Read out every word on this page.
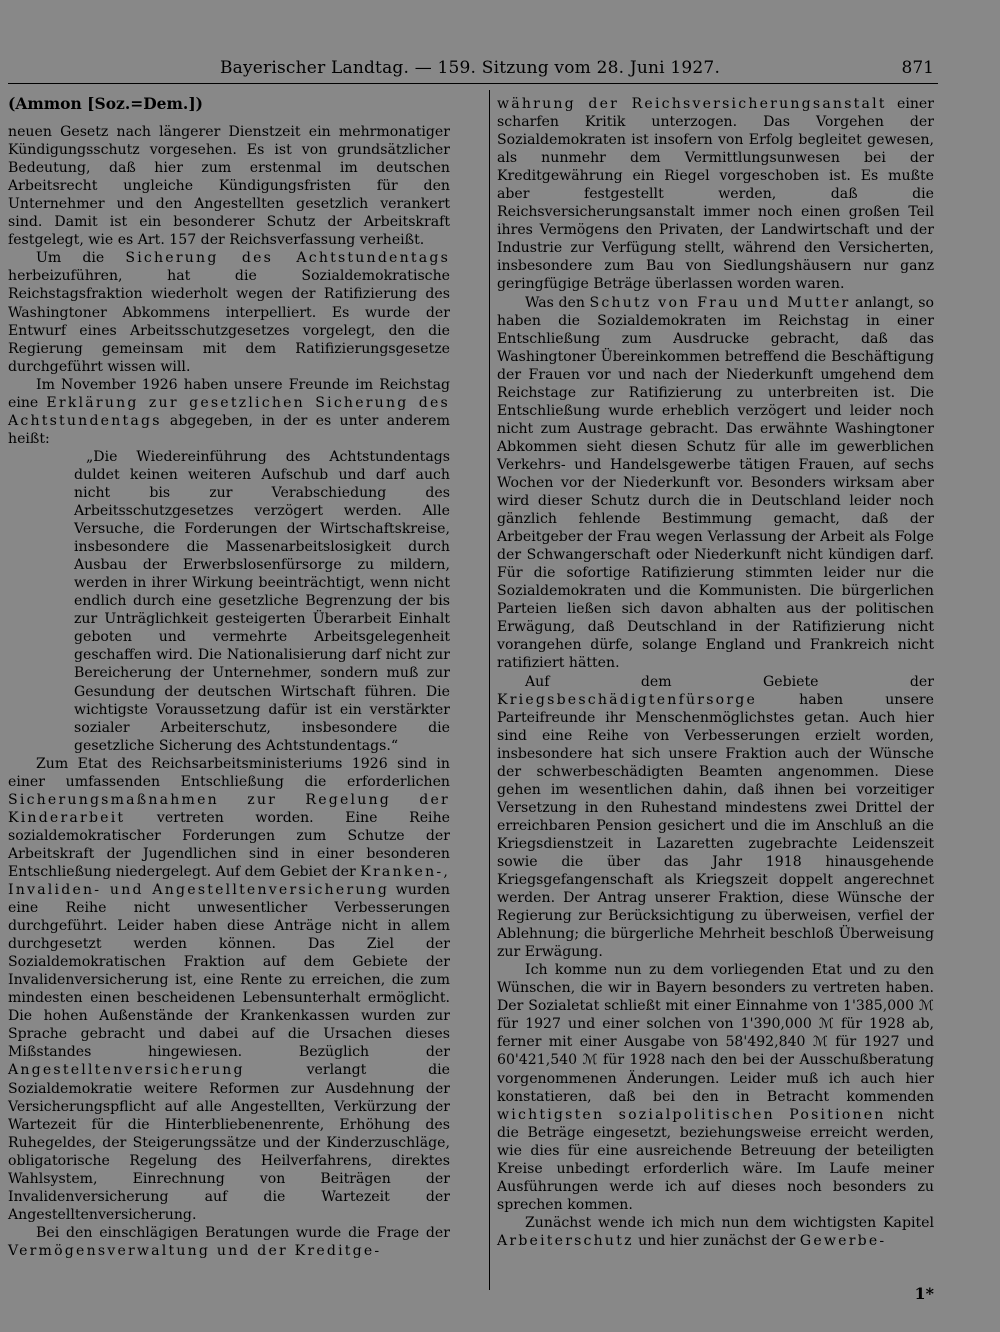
Bayerischer Landtag. — 159. Sitzung vom 28. Juni 1927.	871
(Ammon [Soz.=Dem.])

neuen Gesetz nach längerer Dienstzeit ein mehrmonatiger Kündigungsschutz vorgesehen. Es ist von grundsätzlicher Bedeutung, daß hier zum erstenmal im deutschen Arbeitsrecht ungleiche Kündigungsfristen für den Unternehmer und den Angestellten gesetzlich verankert sind. Damit ist ein besonderer Schutz der Arbeitskraft festgelegt, wie es Art. 157 der Reichsverfassung verheißt.

Um die Sicherung des Achtstundentags herbeizuführen, hat die Sozialdemokratische Reichstagsfraktion wiederholt wegen der Ratifizierung des Washingtoner Abkommens interpelliert. Es wurde der Entwurf eines Arbeitsschutzgesetzes vorgelegt, den die Regierung gemeinsam mit dem Ratifizierungsgesetze durchgeführt wissen will.

Im November 1926 haben unsere Freunde im Reichstag eine Erklärung zur gesetzlichen Sicherung des Achtstundentags abgegeben, in der es unter anderem heißt:

„Die Wiedereinführung des Achtstundentags duldet keinen weiteren Aufschub und darf auch nicht bis zur Verabschiedung des Arbeitsschutzgesetzes verzögert werden. Alle Versuche, die Forderungen der Wirtschaftskreise, insbesondere die Massenarbeitslosigkeit durch Ausbau der Erwerbslosenfürsorge zu mildern, werden in ihrer Wirkung beeinträchtigt, wenn nicht endlich durch eine gesetzliche Begrenzung der bis zur Unträglichkeit gesteigerten Überarbeit Einhalt geboten und vermehrte Arbeitsgelegenheit geschaffen wird. Die Nationalisierung darf nicht zur Bereicherung der Unternehmer, sondern muß zur Gesundung der deutschen Wirtschaft führen. Die wichtigste Voraussetzung dafür ist ein verstärkter sozialer Arbeiterschutz, insbesondere die gesetzliche Sicherung des Achtstundentags.“

Zum Etat des Reichsarbeitsministeriums 1926 sind in einer umfassenden Entschließung die erforderlichen Sicherungsmaßnahmen zur Regelung der Kinderarbeit vertreten worden. Eine Reihe sozialdemokratischer Forderungen zum Schutze der Arbeitskraft der Jugendlichen sind in einer besonderen Entschließung niedergelegt. Auf dem Gebiet der Kranken-, Invaliden- und Angestelltenversicherung wurden eine Reihe nicht unwesentlicher Verbesserungen durchgeführt. Leider haben diese Anträge nicht in allem durchgesetzt werden können. Das Ziel der Sozialdemokratischen Fraktion auf dem Gebiete der Invalidenversicherung ist, eine Rente zu erreichen, die zum mindesten einen bescheidenen Lebensunterhalt ermöglicht. Die hohen Außenstände der Krankenkassen wurden zur Sprache gebracht und dabei auf die Ursachen dieses Mißstandes hingewiesen. Bezüglich der Angestelltenversicherung verlangt die Sozialdemokratie weitere Reformen zur Ausdehnung der Versicherungspflicht auf alle Angestellten, Verkürzung der Wartezeit für die Hinterbliebenenrente, Erhöhung des Ruhegeldes, der Steigerungssätze und der Kinderzuschläge, obligatorische Regelung des Heilverfahrens, direktes Wahlsystem, Einrechnung von Beiträgen der Invalidenversicherung auf die Wartezeit der Angestelltenversicherung.

Bei den einschlägigen Beratungen wurde die Frage der Vermögensverwaltung und der Kreditge-

währung der Reichsversicherungsanstalt einer scharfen Kritik unterzogen. Das Vorgehen der Sozialdemokraten ist insofern von Erfolg begleitet gewesen, als nunmehr dem Vermittlungsunwesen bei der Kreditgewährung ein Riegel vorgeschoben ist. Es mußte aber festgestellt werden, daß die Reichsversicherungsanstalt immer noch einen großen Teil ihres Vermögens den Privaten, der Landwirtschaft und der Industrie zur Verfügung stellt, während den Versicherten, insbesondere zum Bau von Siedlungshäusern nur ganz geringfügige Beträge überlassen worden waren.

Was den Schutz von Frau und Mutter anlangt, so haben die Sozialdemokraten im Reichstag in einer Entschließung zum Ausdrucke gebracht, daß das Washingtoner Übereinkommen betreffend die Beschäftigung der Frauen vor und nach der Niederkunft umgehend dem Reichstage zur Ratifizierung zu unterbreiten ist. Die Entschließung wurde erheblich verzögert und leider noch nicht zum Austrage gebracht. Das erwähnte Washingtoner Abkommen sieht diesen Schutz für alle im gewerblichen Verkehrs- und Handelsgewerbe tätigen Frauen, auf sechs Wochen vor der Niederkunft vor. Besonders wirksam aber wird dieser Schutz durch die in Deutschland leider noch gänzlich fehlende Bestimmung gemacht, daß der Arbeitgeber der Frau wegen Verlassung der Arbeit als Folge der Schwangerschaft oder Niederkunft nicht kündigen darf. Für die sofortige Ratifizierung stimmten leider nur die Sozialdemokraten und die Kommunisten. Die bürgerlichen Parteien ließen sich davon abhalten aus der politischen Erwägung, daß Deutschland in der Ratifizierung nicht vorangehen dürfe, solange England und Frankreich nicht ratifiziert hätten.

Auf dem Gebiete der Kriegsbeschädigtenfürsorge haben unsere Parteifreunde ihr Menschenmöglichstes getan. Auch hier sind eine Reihe von Verbesserungen erzielt worden, insbesondere hat sich unsere Fraktion auch der Wünsche der schwerbeschädigten Beamten angenommen. Diese gehen im wesentlichen dahin, daß ihnen bei vorzeitiger Versetzung in den Ruhestand mindestens zwei Drittel der erreichbaren Pension gesichert und die im Anschluß an die Kriegsdienstzeit in Lazaretten zugebrachte Leidenszeit sowie die über das Jahr 1918 hinausgehende Kriegsgefangenschaft als Kriegszeit doppelt angerechnet werden. Der Antrag unserer Fraktion, diese Wünsche der Regierung zur Berücksichtigung zu überweisen, verfiel der Ablehnung; die bürgerliche Mehrheit beschloß Überweisung zur Erwägung.

Ich komme nun zu dem vorliegenden Etat und zu den Wünschen, die wir in Bayern besonders zu vertreten haben. Der Sozialetat schließt mit einer Einnahme von 1'385,000 ℳ für 1927 und einer solchen von 1'390,000 ℳ für 1928 ab, ferner mit einer Ausgabe von 58'492,840 ℳ für 1927 und 60'421,540 ℳ für 1928 nach den bei der Ausschußberatung vorgenommenen Änderungen. Leider muß ich auch hier konstatieren, daß bei den in Betracht kommenden wichtigsten sozialpolitischen Positionen nicht die Beträge eingesetzt, beziehungsweise erreicht werden, wie dies für eine ausreichende Betreuung der beteiligten Kreise unbedingt erforderlich wäre. Im Laufe meiner Ausführungen werde ich auf dieses noch besonders zu sprechen kommen.

Zunächst wende ich mich nun dem wichtigsten Kapitel Arbeiterschutz und hier zunächst der Gewerbe-

1*
